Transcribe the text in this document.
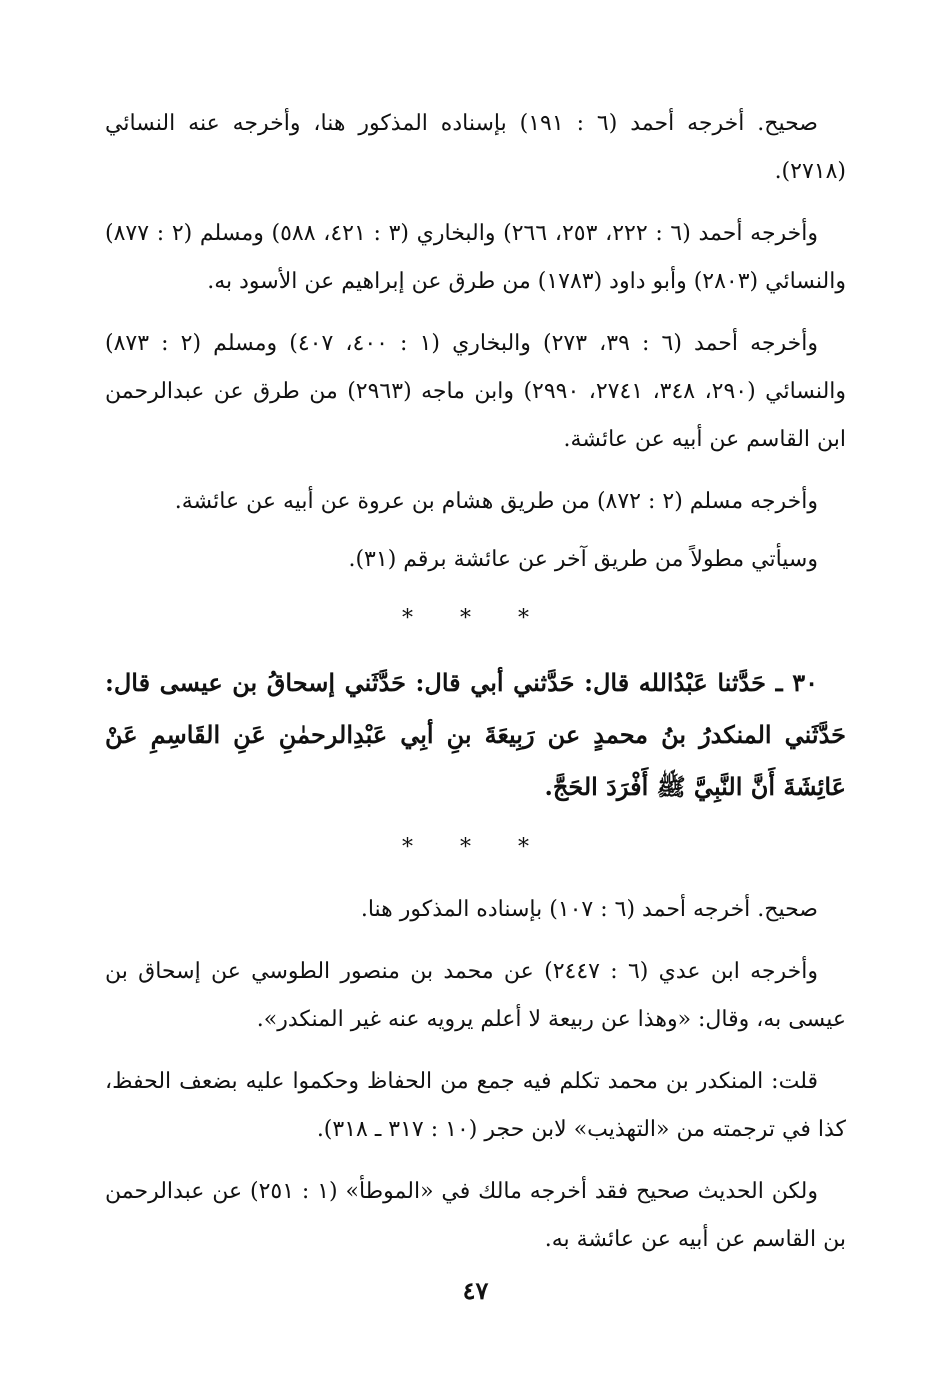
صحيح. أخرجه أحمد (٦ : ١٩١) بإسناده المذكور هنا، وأخرجه عنه النسائي (٢٧١٨).

وأخرجه أحمد (٦ : ٢٢٢، ٢٥٣، ٢٦٦) والبخاري (٣ : ٤٢١، ٥٨٨) ومسلم (٢ : ٨٧٧) والنسائي (٢٨٠٣) وأبو داود (١٧٨٣) من طرق عن إبراهيم عن الأسود به.

وأخرجه أحمد (٦ : ٣٩، ٢٧٣) والبخاري (١ : ٤٠٠، ٤٠٧) ومسلم (٢ : ٨٧٣) والنسائي (٢٩٠، ٣٤٨، ٢٧٤١، ٢٩٩٠) وابن ماجه (٢٩٦٣) من طرق عن عبدالرحمن ابن القاسم عن أبيه عن عائشة.

وأخرجه مسلم (٢ : ٨٧٢) من طريق هشام بن عروة عن أبيه عن عائشة.

وسيأتي مطولاً من طريق آخر عن عائشة برقم (٣١).

* * *

٣٠ ـ حَدَّثنا عَبْدُالله قال: حَدَّثني أبي قال: حَدَّثَني إسحاقُ بن عيسى قال: حَدَّثَني المنكدرُ بنُ محمدٍ عن رَبِيعَةَ بنِ أبِي عَبْدِالرحمٰنِ عَنِ القَاسِمِ عَنْ عَائِشَةَ أَنَّ النَّبِيَّ ﷺ أَفْرَدَ الحَجَّ.

* * *

صحيح. أخرجه أحمد (٦ : ١٠٧) بإسناده المذكور هنا.

وأخرجه ابن عدي (٦ : ٢٤٤٧) عن محمد بن منصور الطوسي عن إسحاق بن عيسى به، وقال: «وهذا عن ربيعة لا أعلم يرويه عنه غير المنكدر».

قلت: المنكدر بن محمد تكلم فيه جمع من الحفاظ وحكموا عليه بضعف الحفظ، كذا في ترجمته من «التهذيب» لابن حجر (١٠ : ٣١٧ ـ ٣١٨).

ولكن الحديث صحيح فقد أخرجه مالك في «الموطأ» (١ : ٢٥١) عن عبدالرحمن بن القاسم عن أبيه عن عائشة به.

٤٧
